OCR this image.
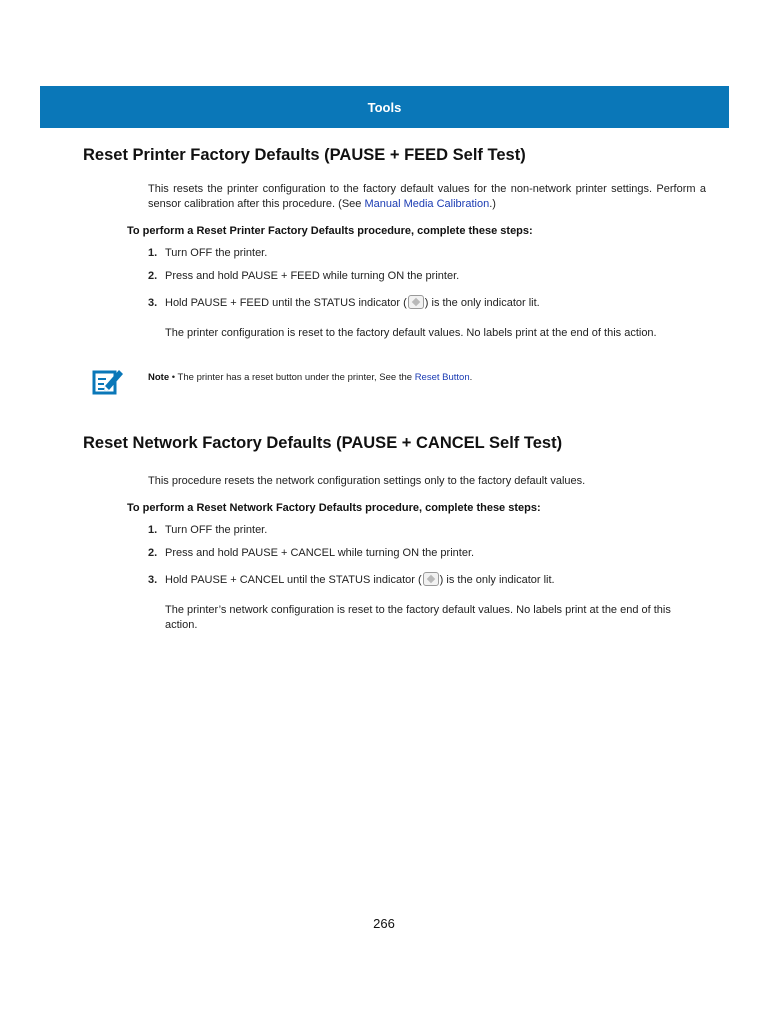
Tools
Reset Printer Factory Defaults (PAUSE + FEED Self Test)

This resets the printer configuration to the factory default values for the non-network printer settings. Perform a sensor calibration after this procedure. (See Manual Media Calibration.)

To perform a Reset Printer Factory Defaults procedure, complete these steps:

1. Turn OFF the printer.
2. Press and hold PAUSE + FEED while turning ON the printer.
3. Hold PAUSE + FEED until the STATUS indicator ( ) is the only indicator lit.

The printer configuration is reset to the factory default values. No labels print at the end of this action.

Note • The printer has a reset button under the printer, See the Reset Button.
Reset Network Factory Defaults (PAUSE + CANCEL Self Test)

This procedure resets the network configuration settings only to the factory default values.

To perform a Reset Network Factory Defaults procedure, complete these steps:

1. Turn OFF the printer.
2. Press and hold PAUSE + CANCEL while turning ON the printer.
3. Hold PAUSE + CANCEL until the STATUS indicator ( ) is the only indicator lit.

The printer’s network configuration is reset to the factory default values. No labels print at the end of this action.

266
